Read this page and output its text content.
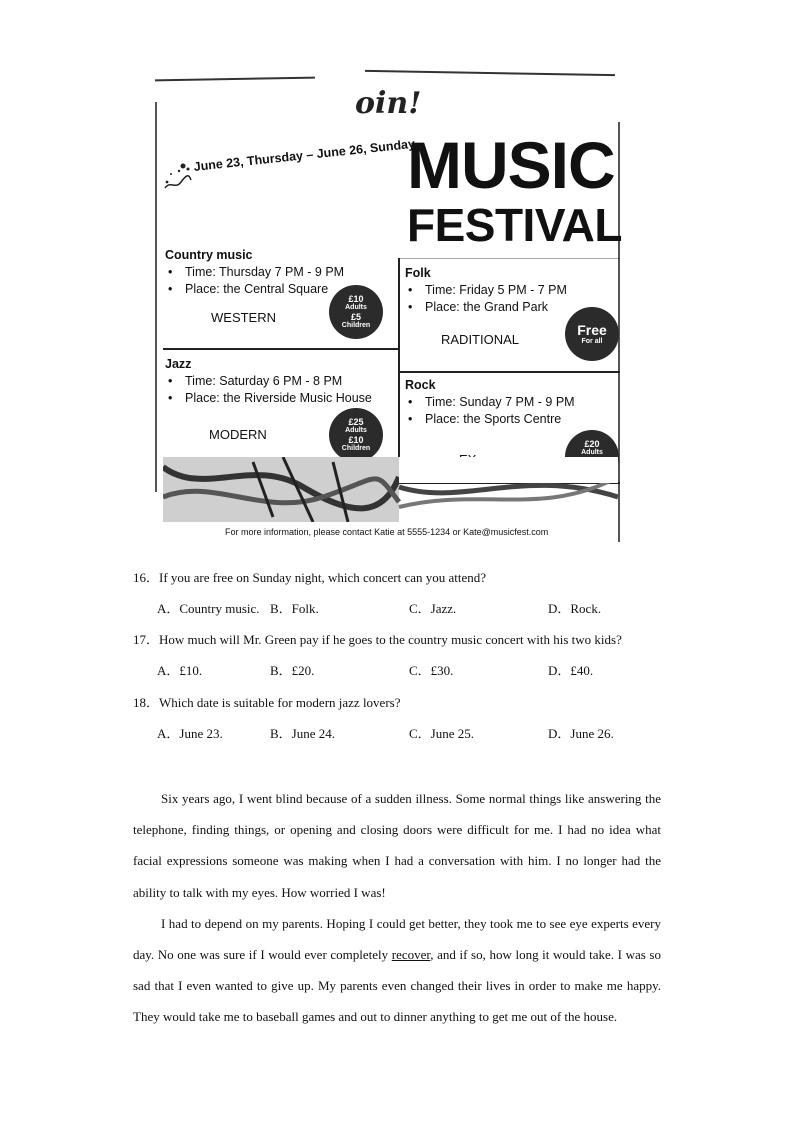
oin!
June 23, Thursday – June 26, Sunday
MUSIC
FESTIVAL
Country music
• Time: Thursday 7 PM - 9 PM
• Place: the Central Square
WESTERN
£10
Adults
£5
Children
Folk
• Time: Friday 5 PM - 7 PM
• Place: the Grand Park
RADITIONAL
Free
For all
Jazz
• Time: Saturday 6 PM - 8 PM
• Place: the Riverside Music House
MODERN
£25
Adults
£10
Children
Rock
• Time: Sunday 7 PM - 9 PM
• Place: the Sports Centre
£20
Adults
For more information, please contact Katie at 5555-1234 or Kate@musicfest.com
16．If you are free on Sunday night, which concert can you attend?
A．Country music. B．Folk.	C．Jazz.	D．Rock.
17．How much will Mr. Green pay if he goes to the country music concert with his two kids?
A．£10.	B．£20.	C．£30.	D．£40.
18．Which date is suitable for modern jazz lovers?
A．June 23.	B．June 24.	C．June 25.	D．June 26.

Six years ago, I went blind because of a sudden illness. Some normal things like answering the telephone, finding things, or opening and closing doors were difficult for me. I had no idea what facial expressions someone was making when I had a conversation with him. I no longer had the ability to talk with my eyes. How worried I was!

I had to depend on my parents. Hoping I could get better, they took me to see eye experts every day. No one was sure if I would ever completely recover, and if so, how long it would take. I was so sad that I even wanted to give up. My parents even changed their lives in order to make me happy. They would take me to baseball games and out to dinner anything to get me out of the house.
